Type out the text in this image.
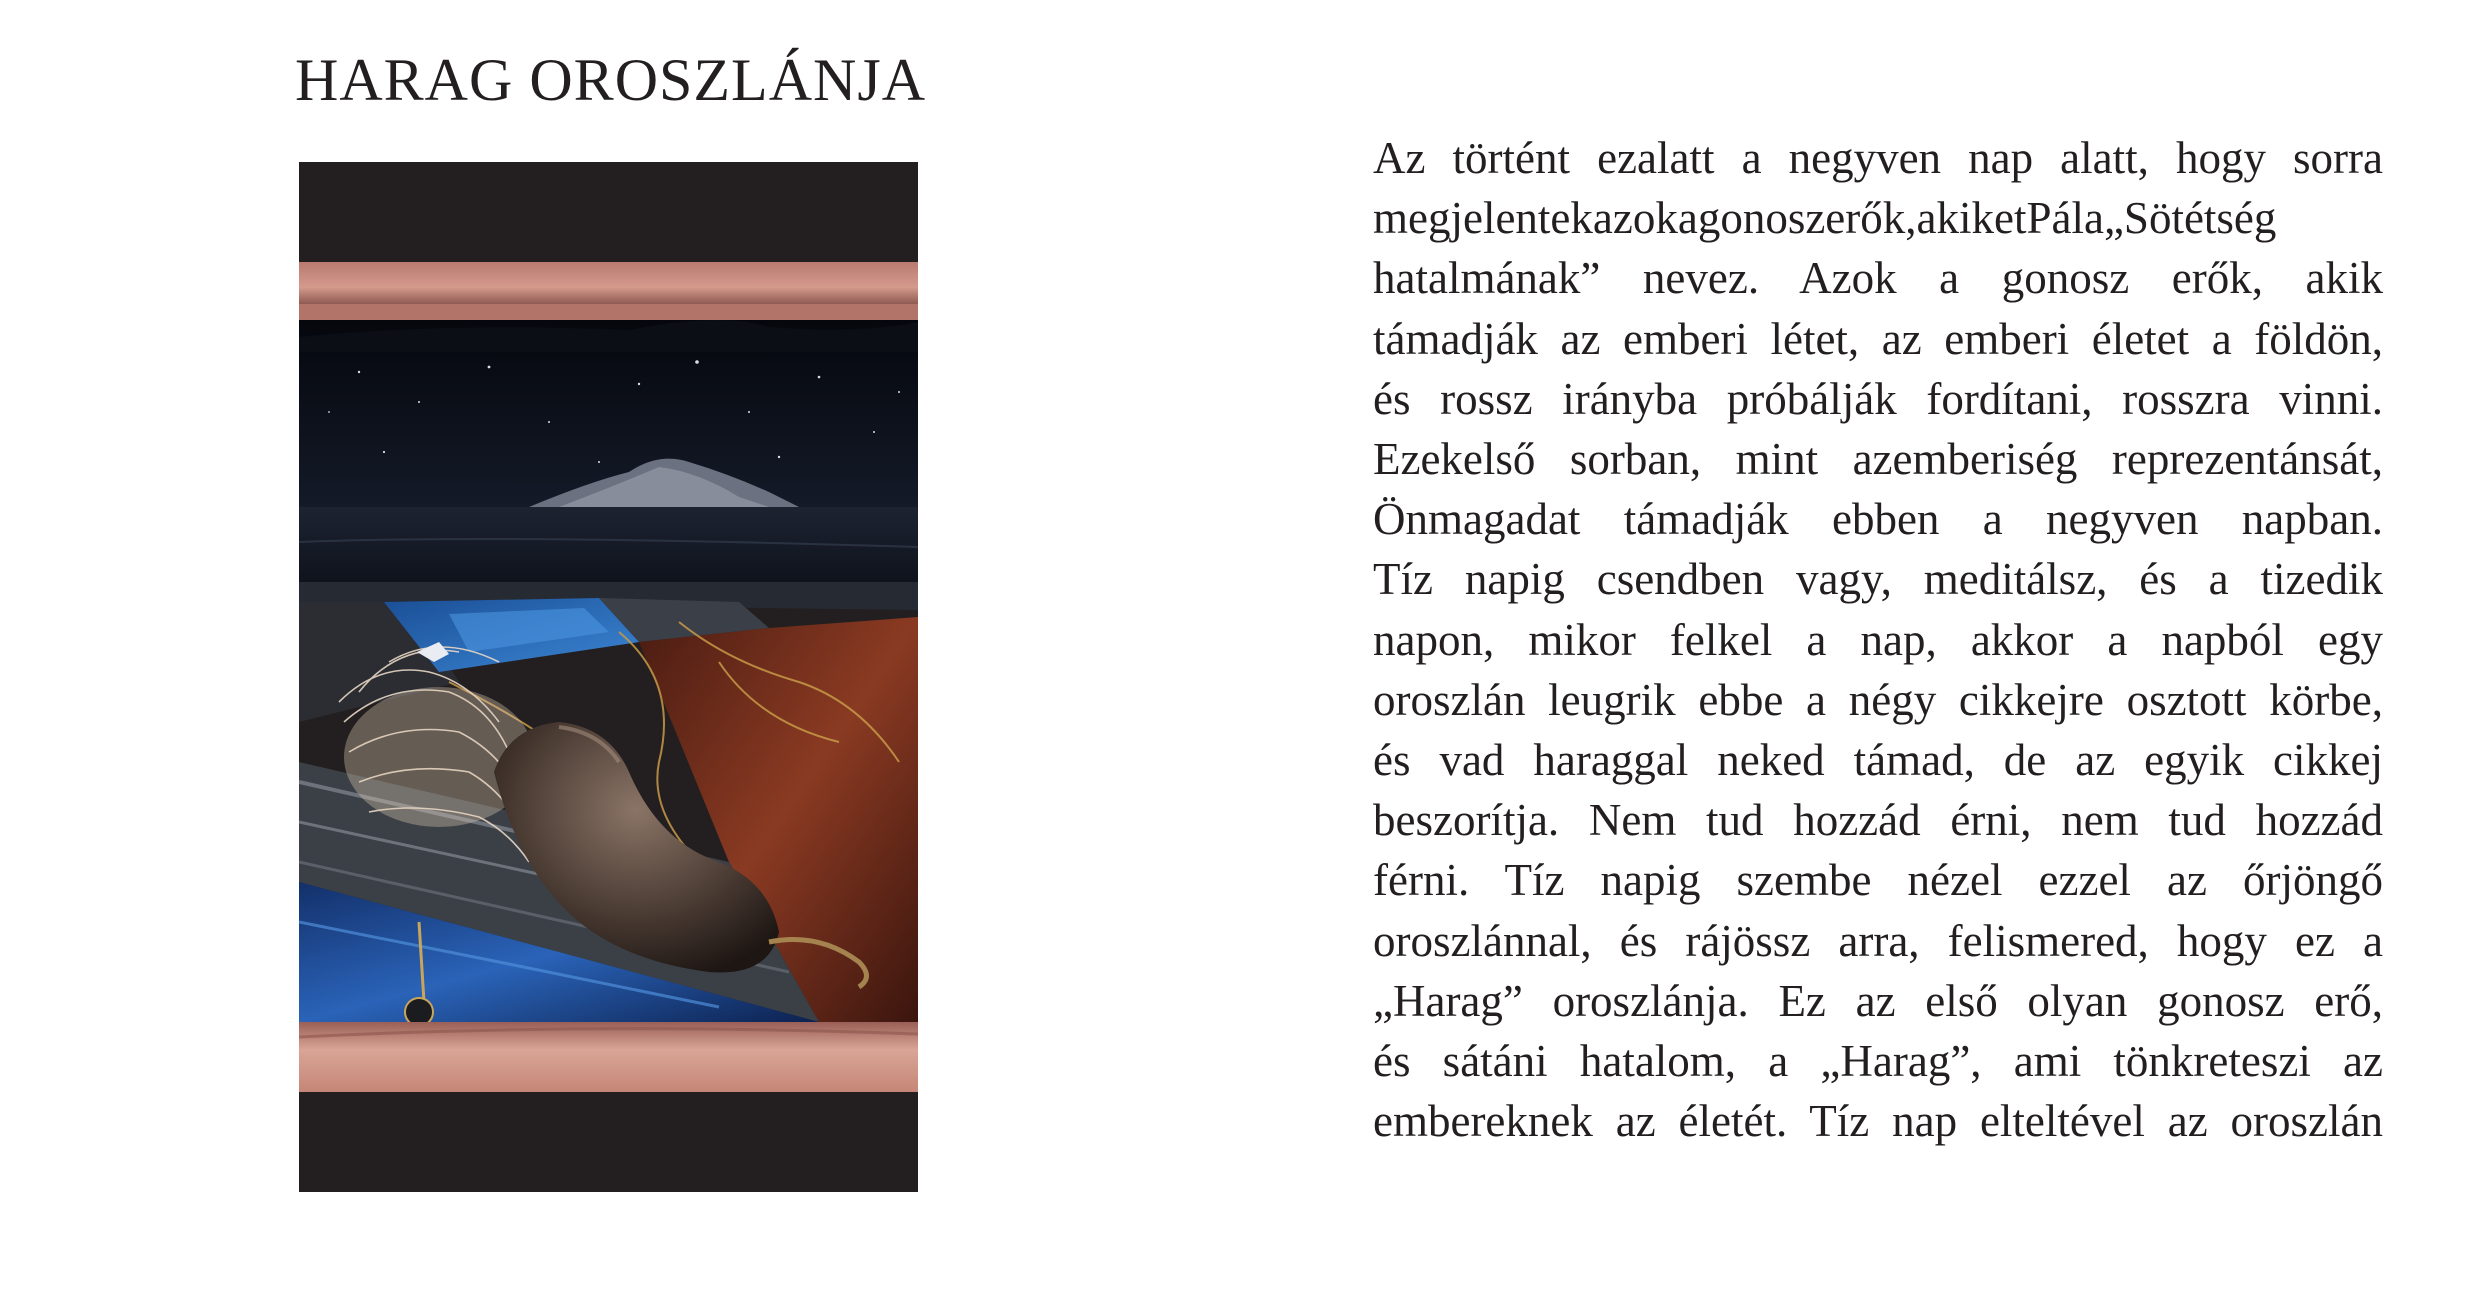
HARAG OROSZLÁNJA

Az történt ezalatt a negyven nap alatt, hogy sorra
megjelentekazokagonoszerők,akiketPála„Sötétség
hatalmának” nevez. Azok a gonosz erők, akik
támadják az emberi létet, az emberi életet a földön,
és rossz irányba próbálják fordítani, rosszra vinni.
Ezekelső sorban, mint azemberiség reprezentánsát,
Önmagadat támadják ebben a negyven napban.
Tíz napig csendben vagy, meditálsz, és a tizedik
napon, mikor felkel a nap, akkor a napból egy
oroszlán leugrik ebbe a négy cikkejre osztott körbe,
és vad haraggal neked támad, de az egyik cikkej
beszorítja. Nem tud hozzád érni, nem tud hozzád
férni. Tíz napig szembe nézel ezzel az őrjöngő
oroszlánnal, és rájössz arra, felismered, hogy ez a
„Harag” oroszlánja. Ez az első olyan gonosz erő,
és sátáni hatalom, a „Harag”, ami tönkreteszi az
embereknek az életét. Tíz nap elteltével az oroszlán
